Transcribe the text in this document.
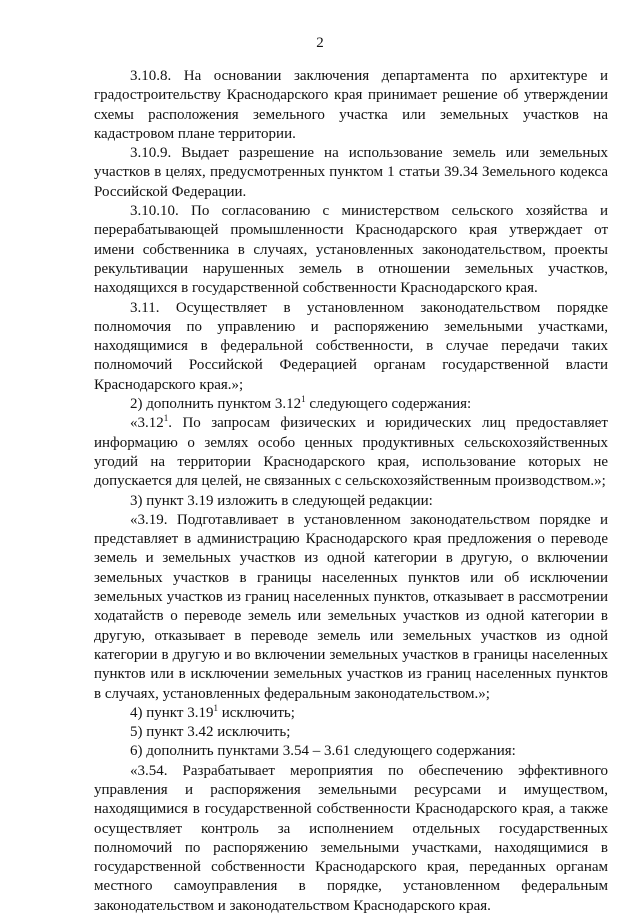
2

3.10.8. На основании заключения департамента по архитектуре и градостроительству Краснодарского края принимает решение об утверждении схемы расположения земельного участка или земельных участков на кадастровом плане территории.

3.10.9. Выдает разрешение на использование земель или земельных участков в целях, предусмотренных пунктом 1 статьи 39.34 Земельного кодекса Российской Федерации.

3.10.10. По согласованию с министерством сельского хозяйства и перерабатывающей промышленности Краснодарского края утверждает от имени собственника в случаях, установленных законодательством, проекты рекультивации нарушенных земель в отношении земельных участков, находящихся в государственной собственности Краснодарского края.

3.11. Осуществляет в установленном законодательством порядке полномочия по управлению и распоряжению земельными участками, находящимися в федеральной собственности, в случае передачи таких полномочий Российской Федерацией органам государственной власти Краснодарского края.»;

2) дополнить пунктом 3.12$^1$ следующего содержания:

«3.12$^1$. По запросам физических и юридических лиц предоставляет информацию о землях особо ценных продуктивных сельскохозяйственных угодий на территории Краснодарского края, использование которых не допускается для целей, не связанных с сельскохозяйственным производством.»;

3) пункт 3.19 изложить в следующей редакции:

«3.19. Подготавливает в установленном законодательством порядке и представляет в администрацию Краснодарского края предложения о переводе земель и земельных участков из одной категории в другую, о включении земельных участков в границы населенных пунктов или об исключении земельных участков из границ населенных пунктов, отказывает в рассмотрении ходатайств о переводе земель или земельных участков из одной категории в другую, отказывает в переводе земель или земельных участков из одной категории в другую и во включении земельных участков в границы населенных пунктов или в исключении земельных участков из границ населенных пунктов в случаях, установленных федеральным законодательством.»;

4) пункт 3.19$^1$ исключить;

5) пункт 3.42 исключить;

6) дополнить пунктами 3.54 – 3.61 следующего содержания:

«3.54. Разрабатывает мероприятия по обеспечению эффективного управления и распоряжения земельными ресурсами и имуществом, находящимися в государственной собственности Краснодарского края, а также осуществляет контроль за исполнением отдельных государственных полномочий по распоряжению земельными участками, находящимися в государственной собственности Краснодарского края, переданных органам местного самоуправления в порядке, установленном федеральным законодательством и законодательством Краснодарского края.
